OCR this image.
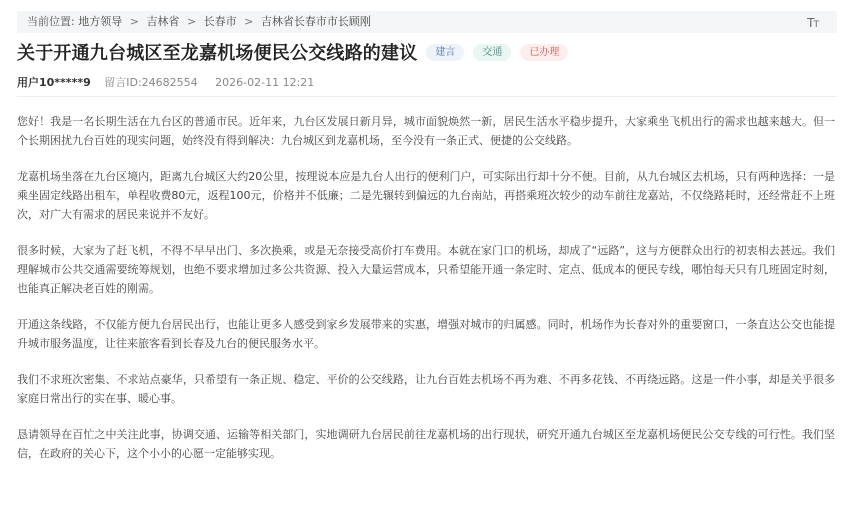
当前位置: 地方领导 > 吉林省 > 长春市 > 吉林省长春市市长顾刚	TT
关于开通九台城区至龙嘉机场便民公交线路的建议	建言	交通	已办理
用户10*****9 留言ID:24682554 2026-02-11 12:21

您好！我是一名长期生活在九台区的普通市民。近年来，九台区发展日新月异，城市面貌焕然一新，居民生活水平稳步提升，大家乘坐飞机出行的需求也越来越大。但一个长期困扰九台百姓的现实问题，始终没有得到解决：九台城区到龙嘉机场，至今没有一条正式、便捷的公交线路。

龙嘉机场坐落在九台区境内，距离九台城区大约20公里，按理说本应是九台人出行的便利门户，可实际出行却十分不便。目前，从九台城区去机场，只有两种选择：一是乘坐固定线路出租车，单程收费80元，返程100元，价格并不低廉；二是先辗转到偏远的九台南站，再搭乘班次较少的动车前往龙嘉站，不仅绕路耗时，还经常赶不上班次，对广大有需求的居民来说并不友好。

很多时候，大家为了赶飞机，不得不早早出门、多次换乘，或是无奈接受高价打车费用。本就在家门口的机场，却成了“远路”，这与方便群众出行的初衷相去甚远。我们理解城市公共交通需要统筹规划，也绝不要求增加过多公共资源、投入大量运营成本，只希望能开通一条定时、定点、低成本的便民专线，哪怕每天只有几班固定时刻，也能真正解决老百姓的刚需。

开通这条线路，不仅能方便九台居民出行，也能让更多人感受到家乡发展带来的实惠，增强对城市的归属感。同时，机场作为长春对外的重要窗口，一条直达公交也能提升城市服务温度，让往来旅客看到长春及九台的便民服务水平。

我们不求班次密集、不求站点豪华，只希望有一条正规、稳定、平价的公交线路，让九台百姓去机场不再为难、不再多花钱、不再绕远路。这是一件小事，却是关乎很多家庭日常出行的实在事、暖心事。

恳请领导在百忙之中关注此事，协调交通、运输等相关部门，实地调研九台居民前往龙嘉机场的出行现状，研究开通九台城区至龙嘉机场便民公交专线的可行性。我们坚信，在政府的关心下，这个小小的心愿一定能够实现。
